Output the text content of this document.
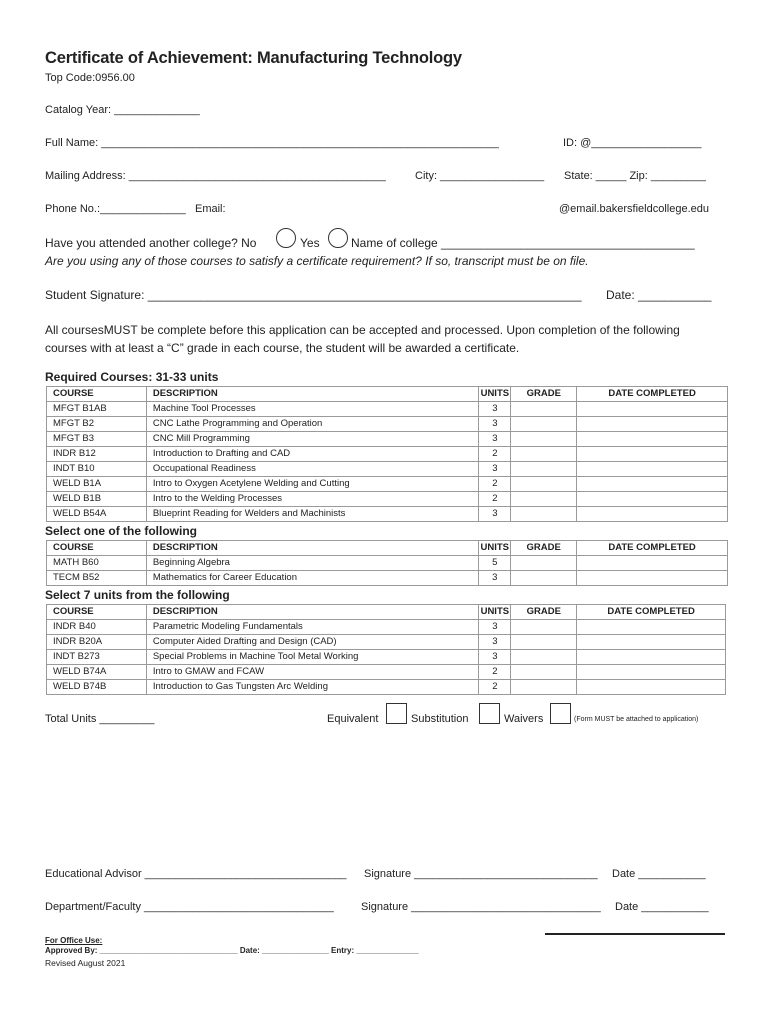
Certificate of Achievement: Manufacturing Technology
Top Code:0956.00
Catalog Year: ______________
Full Name: _________________________________________________________________	ID: @__________________
Mailing Address: __________________________________________	City: _________________ State: _____ Zip: _________
Phone No.:______________ Email:	@email.bakersfieldcollege.edu
Have you attended another college? No	Yes	Name of college ______________________________________
Are you using any of those courses to satisfy a certificate requirement? If so, transcript must be on file.
Student Signature: _________________________________________________________________ Date: ___________
All coursesMUST be complete before this application can be accepted and processed. Upon completion of the following
courses with at least a “C” grade in each course, the student will be awarded a certificate.
Required Courses: 31-33 units
COURSE	DESCRIPTION	UNITS	GRADE	DATE COMPLETED
MFGT B1AB	Machine Tool Processes	3		
MFGT B2	CNC Lathe Programming and Operation	3		
MFGT B3	CNC Mill Programming	3		
INDR B12	Introduction to Drafting and CAD	2		
INDT B10	Occupational Readiness	3		
WELD B1A	Intro to Oxygen Acetylene Welding and Cutting	2		
WELD B1B	Intro to the Welding Processes	2		
WELD B54A	Blueprint Reading for Welders and Machinists	3		
Select one of the following
COURSE	DESCRIPTION	UNITS	GRADE	DATE COMPLETED
MATH B60	Beginning Algebra	5		
TECM B52	Mathematics for Career Education	3		
Select 7 units from the following
COURSE	DESCRIPTION	UNITS	GRADE	DATE COMPLETED
INDR B40	Parametric Modeling Fundamentals	3		
INDR B20A	Computer Aided Drafting and Design (CAD)	3		
INDT B273	Special Problems in Machine Tool Metal Working	3		
WELD B74A	Intro to GMAW and FCAW	2		
WELD B74B	Introduction to Gas Tungsten Arc Welding	2		
Total Units _________	Equivalent	Substitution	Waivers	(Form MUST be attached to application)
Educational Advisor _________________________________ Signature ______________________________ Date ___________
Department/Faculty _______________________________ Signature _______________________________ Date ___________
For Office Use:
Approved By: _______________________________ Date: _______________ Entry: ______________
Revised August 2021
